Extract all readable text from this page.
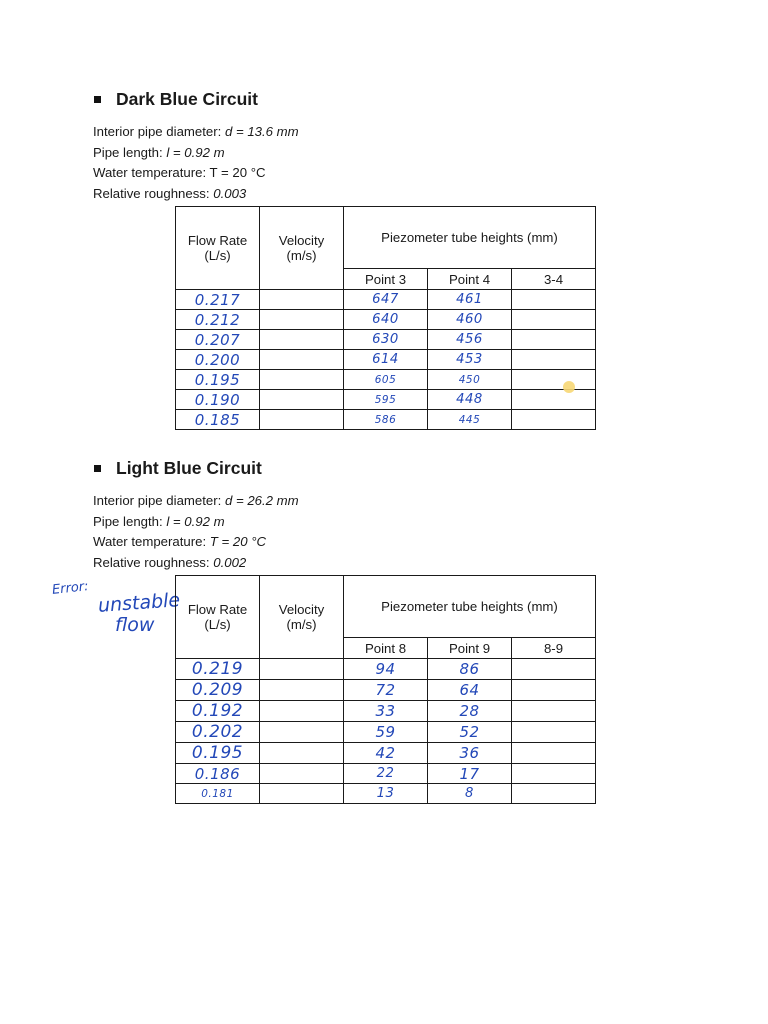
Dark Blue Circuit
Interior pipe diameter: d = 13.6 mm
Pipe length: l = 0.92 m
Water temperature: T = 20 °C
Relative roughness: 0.003
Flow Rate
(L/s)	Velocity
(m/s)	Piezometer tube heights (mm)		
		Point 3	Point 4	3-4
0.217		647	461	
0.212		640	460	
0.207		630	456	
0.200		614	453	
0.195		605	450	
0.190		595	448	
0.185		586	445	
Light Blue Circuit
Interior pipe diameter: d = 26.2 mm
Pipe length: l = 0.92 m
Water temperature: T = 20 °C
Relative roughness: 0.002
Error:
unstable
flow
Flow Rate
(L/s)	Velocity
(m/s)	Piezometer tube heights (mm)		
		Point 8	Point 9	8-9
0.219		94	86	
0.209		72	64	
0.192		33	28	
0.202		59	52	
0.195		42	36	
0.186		22	17	
0.181		13	8	
